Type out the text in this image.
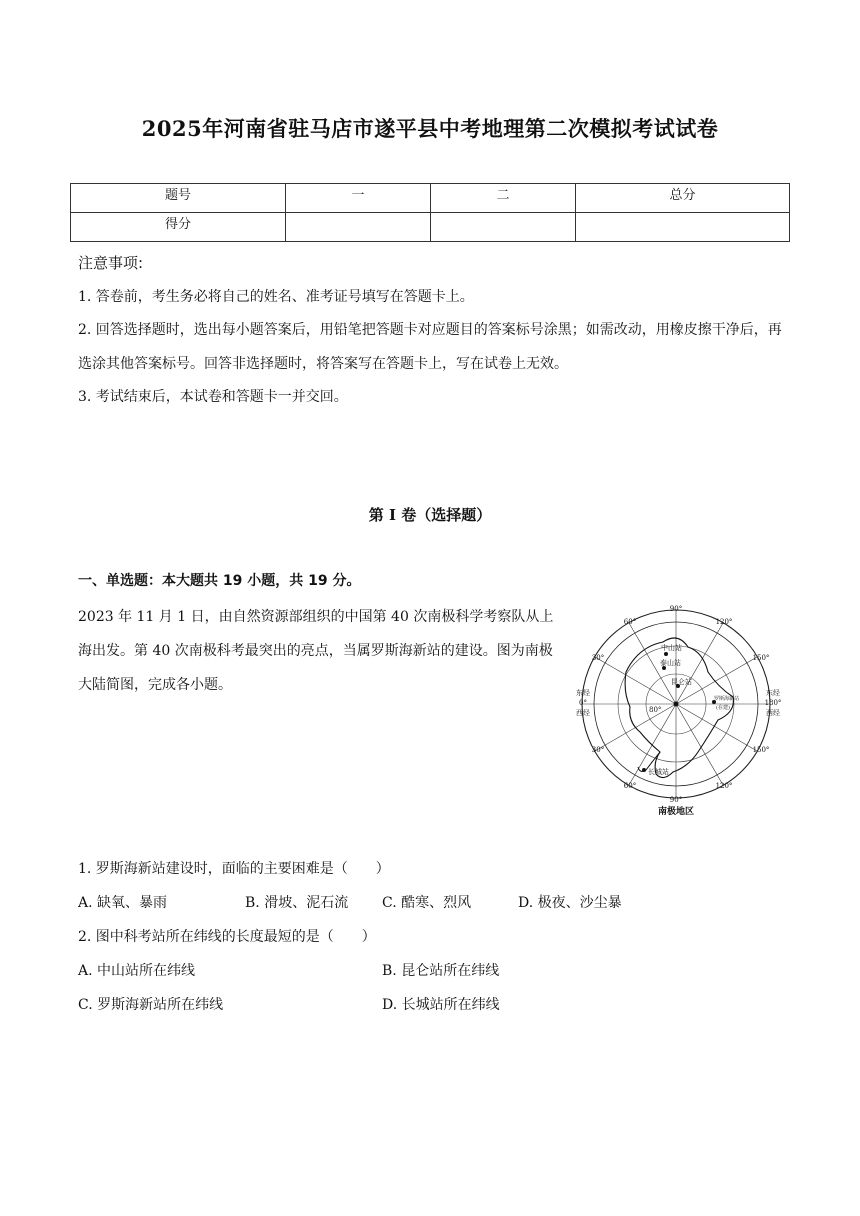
2025年河南省驻马店市遂平县中考地理第二次模拟考试试卷
题号	一	二	总分
得分			
注意事项:
1. 答卷前，考生务必将自己的姓名、准考证号填写在答题卡上。
2. 回答选择题时，选出每小题答案后，用铅笔把答题卡对应题目的答案标号涂黑；如需改动，用橡皮擦干净后，再选涂其他答案标号。回答非选择题时，将答案写在答题卡上，写在试卷上无效。
3. 考试结束后，本试卷和答题卡一并交回。
第 I 卷（选择题）
一、单选题：本大题共 19 小题，共 19 分。
2023 年 11 月 1 日，由自然资源部组织的中国第 40 次南极科学考察队从上海出发。第 40 次南极科考最突出的亮点，当属罗斯海新站的建设。图为南极大陆简图，完成各小题。
中山站
泰山站
昆仑站
罗斯海新站
(在建)
长城站
80°
90°
60°	120°
30°	150°
东经
0°
西经
东经
180°
西经
30°	150°
60°	120°
90°
南极地区
1. 罗斯海新站建设时，面临的主要困难是（　　）
A. 缺氧、暴雨	B. 滑坡、泥石流 C. 酷寒、烈风	D. 极夜、沙尘暴
2. 图中科考站所在纬线的长度最短的是（　　）
A. 中山站所在纬线	B. 昆仑站所在纬线
C. 罗斯海新站所在纬线	D. 长城站所在纬线
